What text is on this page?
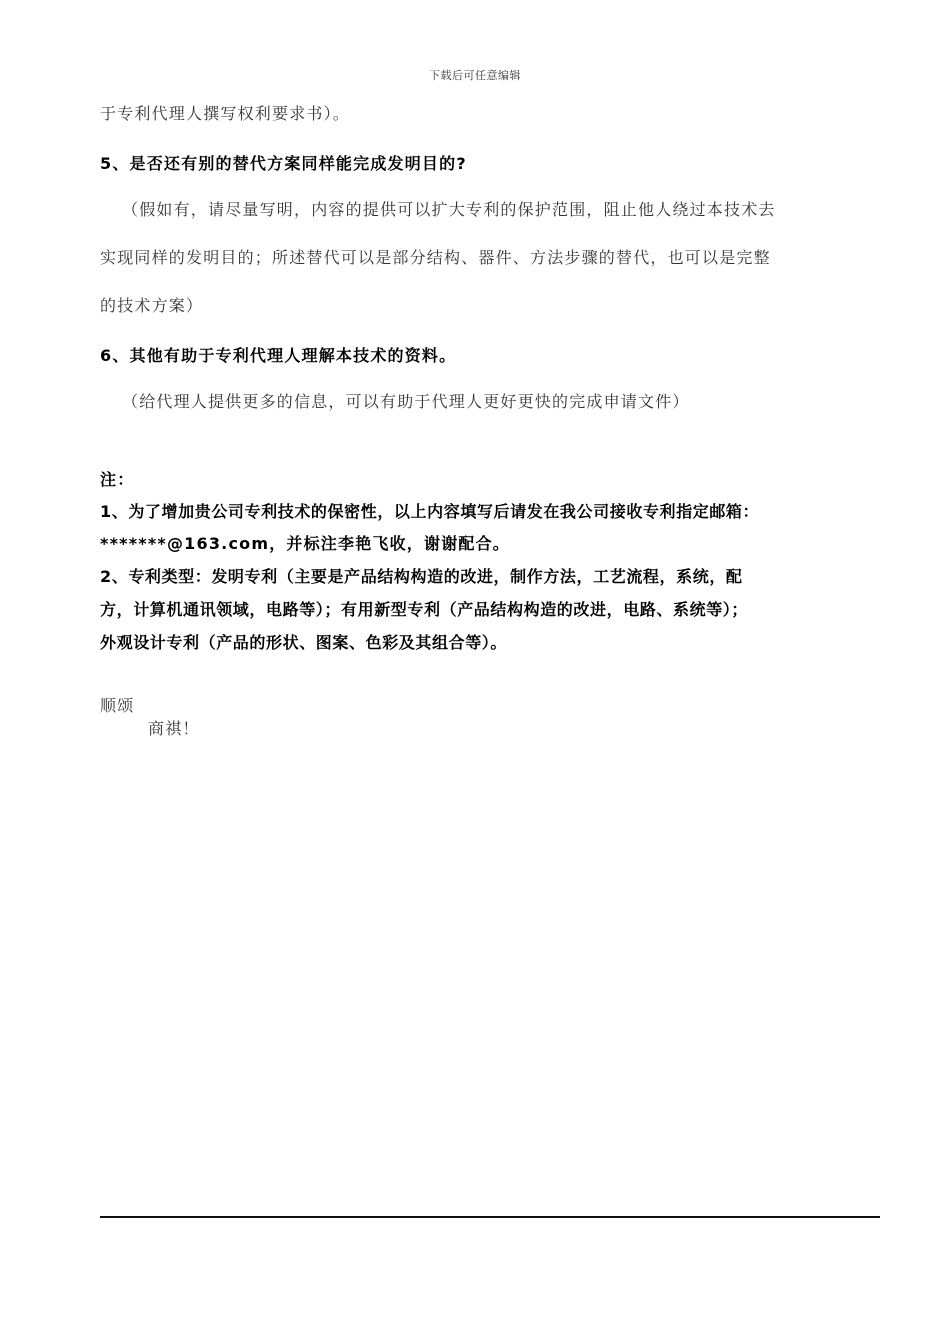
下载后可任意编辑
于专利代理人撰写权利要求书）。
5、是否还有别的替代方案同样能完成发明目的?
（假如有，请尽量写明，内容的提供可以扩大专利的保护范围，阻止他人绕过本技术去
实现同样的发明目的；所述替代可以是部分结构、器件、方法步骤的替代，也可以是完整
的技术方案）
6、其他有助于专利代理人理解本技术的资料。
（给代理人提供更多的信息，可以有助于代理人更好更快的完成申请文件）
注：
1、为了增加贵公司专利技术的保密性，以上内容填写后请发在我公司接收专利指定邮箱：
*******@163.com，并标注李艳飞收，谢谢配合。
2、专利类型：发明专利（主要是产品结构构造的改进，制作方法，工艺流程，系统，配
方，计算机通讯领域，电路等）；有用新型专利（产品结构构造的改进，电路、系统等）；
外观设计专利（产品的形状、图案、色彩及其组合等）。
顺颂
商祺！
